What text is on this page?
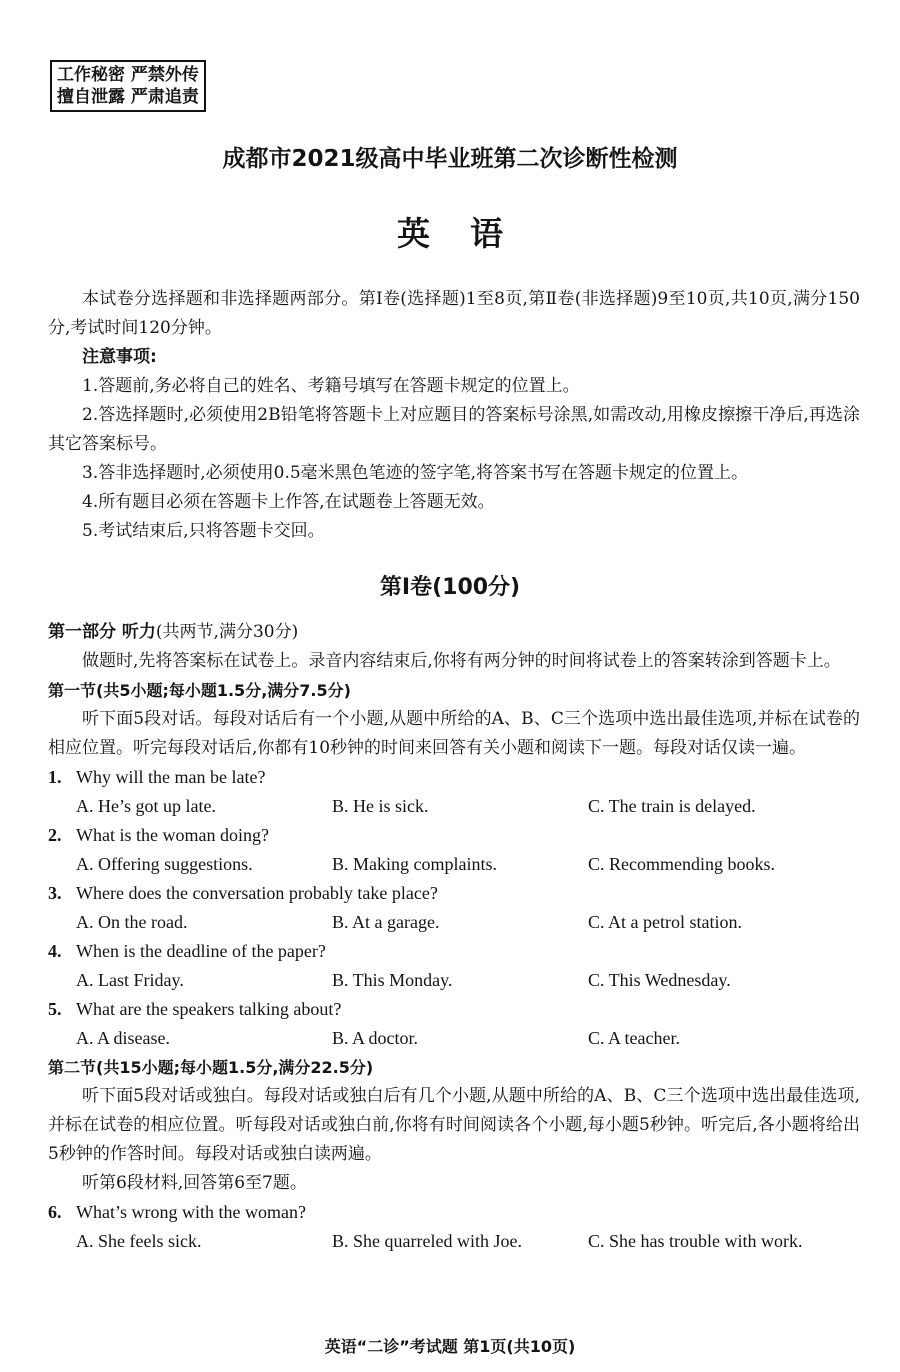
工作秘密 严禁外传
擅自泄露 严肃追责
成都市2021级高中毕业班第二次诊断性检测
英语

本试卷分选择题和非选择题两部分。第Ⅰ卷(选择题)1至8页,第Ⅱ卷(非选择题)9至10页,共10页,满分150分,考试时间120分钟。

注意事项:

1.答题前,务必将自己的姓名、考籍号填写在答题卡规定的位置上。

2.答选择题时,必须使用2B铅笔将答题卡上对应题目的答案标号涂黑,如需改动,用橡皮擦擦干净后,再选涂其它答案标号。

3.答非选择题时,必须使用0.5毫米黑色笔迹的签字笔,将答案书写在答题卡规定的位置上。

4.所有题目必须在答题卡上作答,在试题卷上答题无效。

5.考试结束后,只将答题卡交回。

第Ⅰ卷(100分)

第一部分 听力(共两节,满分30分)

做题时,先将答案标在试卷上。录音内容结束后,你将有两分钟的时间将试卷上的答案转涂到答题卡上。

第一节(共5小题;每小题1.5分,满分7.5分)

听下面5段对话。每段对话后有一个小题,从题中所给的A、B、C三个选项中选出最佳选项,并标在试卷的相应位置。听完每段对话后,你都有10秒钟的时间来回答有关小题和阅读下一题。每段对话仅读一遍。

1. Why will the man be late?

A. He’s got up late.	B. He is sick.	C. The train is delayed.

2. What is the woman doing?

A. Offering suggestions.	B. Making complaints.	C. Recommending books.

3. Where does the conversation probably take place?

A. On the road.	B. At a garage.	C. At a petrol station.

4. When is the deadline of the paper?

A. Last Friday.	B. This Monday.	C. This Wednesday.

5. What are the speakers talking about?

A. A disease.	B. A doctor.	C. A teacher.

第二节(共15小题;每小题1.5分,满分22.5分)

听下面5段对话或独白。每段对话或独白后有几个小题,从题中所给的A、B、C三个选项中选出最佳选项,并标在试卷的相应位置。听每段对话或独白前,你将有时间阅读各个小题,每小题5秒钟。听完后,各小题将给出5秒钟的作答时间。每段对话或独白读两遍。

听第6段材料,回答第6至7题。

6. What’s wrong with the woman?

A. She feels sick.	B. She quarreled with Joe.	C. She has trouble with work.

英语“二诊”考试题 第1页(共10页)
